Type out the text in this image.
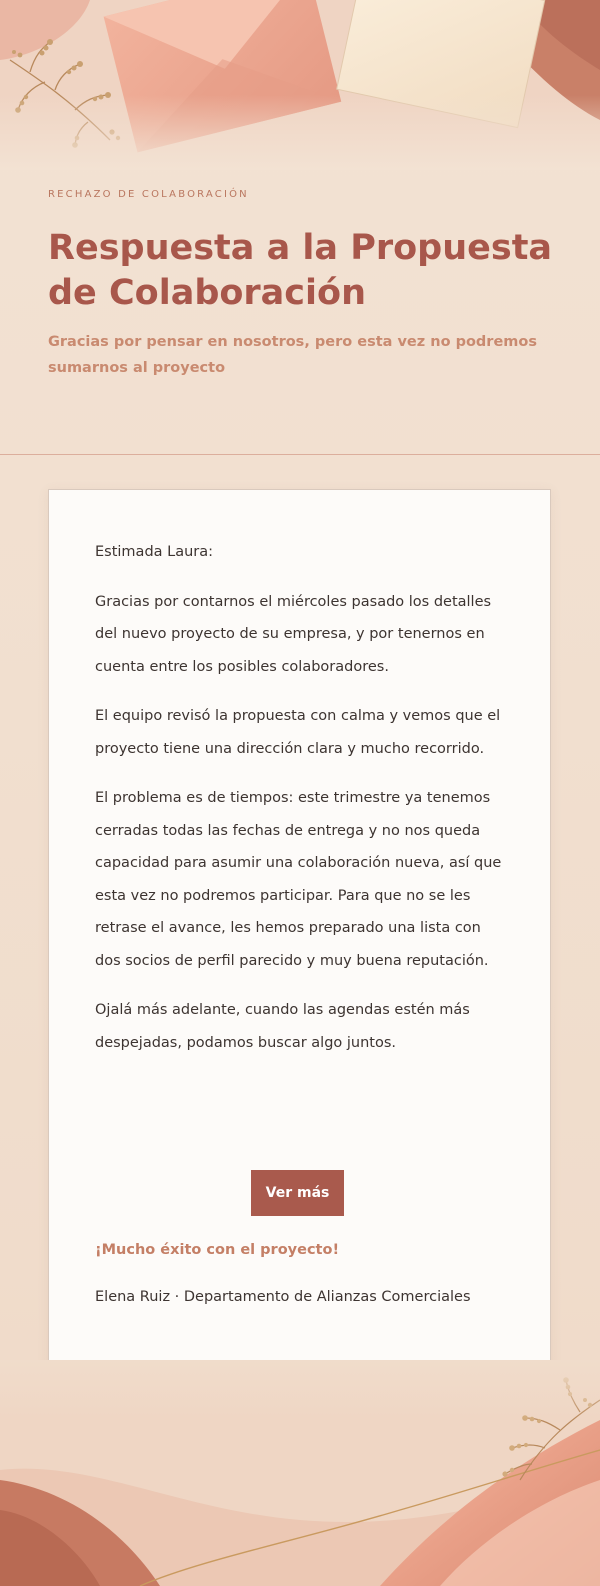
RECHAZO DE COLABORACIÓN
Respuesta a la Propuesta de Colaboración

Gracias por pensar en nosotros, pero esta vez no podremos sumarnos al proyecto

Estimada Laura:

Gracias por contarnos el miércoles pasado los detalles del nuevo proyecto de su empresa, y por tenernos en cuenta entre los posibles colaboradores.

El equipo revisó la propuesta con calma y vemos que el proyecto tiene una dirección clara y mucho recorrido.

El problema es de tiempos: este trimestre ya tenemos cerradas todas las fechas de entrega y no nos queda capacidad para asumir una colaboración nueva, así que esta vez no podremos participar. Para que no se les retrase el avance, les hemos preparado una lista con dos socios de perfil parecido y muy buena reputación.

Ojalá más adelante, cuando las agendas estén más despejadas, podamos buscar algo juntos.

Ver más
¡Mucho éxito con el proyecto!
Elena Ruiz · Departamento de Alianzas Comerciales
